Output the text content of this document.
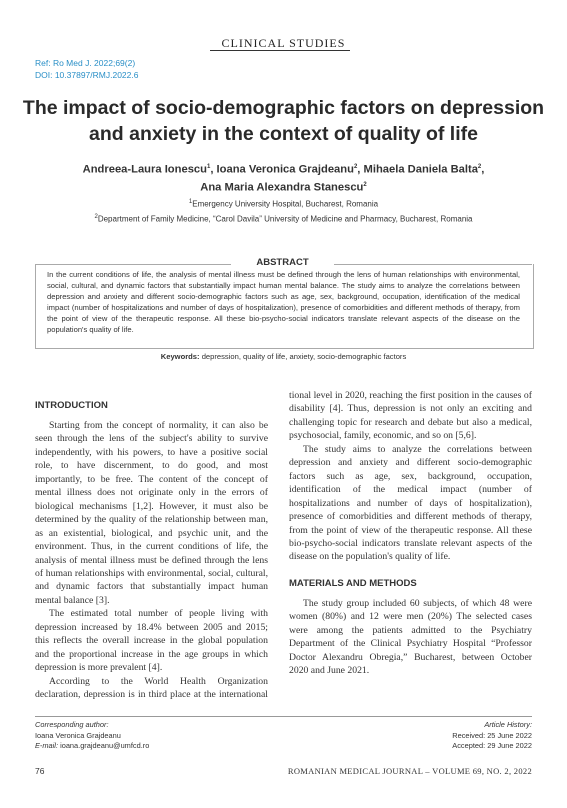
CLINICAL STUDIES
Ref: Ro Med J. 2022;69(2)
DOI: 10.37897/RMJ.2022.6
The impact of socio-demographic factors on depression and anxiety in the context of quality of life
Andreea-Laura Ionescu$^1$, Ioana Veronica Grajdeanu$^2$, Mihaela Daniela Balta$^2$,
Ana Maria Alexandra Stanescu$^2$
$^1$Emergency University Hospital, Bucharest, Romania
$^2$Department of Family Medicine, “Carol Davila” University of Medicine and Pharmacy, Bucharest, Romania
ABSTRACT
In the current conditions of life, the analysis of mental illness must be defined through the lens of human relationships with environmental, social, cultural, and dynamic factors that substantially impact human mental balance. The study aims to analyze the correlations between depression and anxiety and different socio-demographic factors such as age, sex, background, occupation, identification of the medical impact (number of hospitalizations and number of days of hospitalization), presence of comorbidities and different methods of therapy, from the point of view of the therapeutic response. All these bio-psycho-social indicators translate relevant aspects of the disease on the population's quality of life.
Keywords: depression, quality of life, anxiety, socio-demographic factors
INTRODUCTION

Starting from the concept of normality, it can also be seen through the lens of the subject's ability to survive independently, with his powers, to have a positive social role, to have discernment, to do good, and most importantly, to be free. The content of the concept of mental illness does not originate only in the errors of biological mechanisms [1,2]. However, it must also be determined by the quality of the relationship between man, as an existential, biological, and psychic unit, and the environment. Thus, in the current conditions of life, the analysis of mental illness must be defined through the lens of human relationships with environmental, social, cultural, and dynamic factors that substantially impact human mental balance [3].

The estimated total number of people living with depression increased by 18.4% between 2005 and 2015; this reflects the overall increase in the global population and the proportional increase in the age groups in which depression is more prevalent [4].

According to the World Health Organization declaration, depression is in third place at the international

tional level in 2020, reaching the first position in the causes of disability [4]. Thus, depression is not only an exciting and challenging topic for research and debate but also a medical, psychosocial, family, economic, and so on [5,6].

The study aims to analyze the correlations between depression and anxiety and different socio-demographic factors such as age, sex, background, occupation, identification of the medical impact (number of hospitalizations and number of days of hospitalization), presence of comorbidities and different methods of therapy, from the point of view of the therapeutic response. All these bio-psycho-social indicators translate relevant aspects of the disease on the population's quality of life.

MATERIALS AND METHODS

The study group included 60 subjects, of which 48 were women (80%) and 12 were men (20%) The selected cases were among the patients admitted to the Psychiatry Department of the Clinical Psychiatry Hospital “Professor Doctor Alexandru Obregia,” Bucharest, between October 2020 and June 2021.

Corresponding author:
Ioana Veronica Grajdeanu
E-mail: ioana.grajdeanu@umfcd.ro
Article History:
Received: 25 June 2022
Accepted: 29 June 2022
76	ROMANIAN MEDICAL JOURNAL – VOLUME 69, NO. 2, 2022
